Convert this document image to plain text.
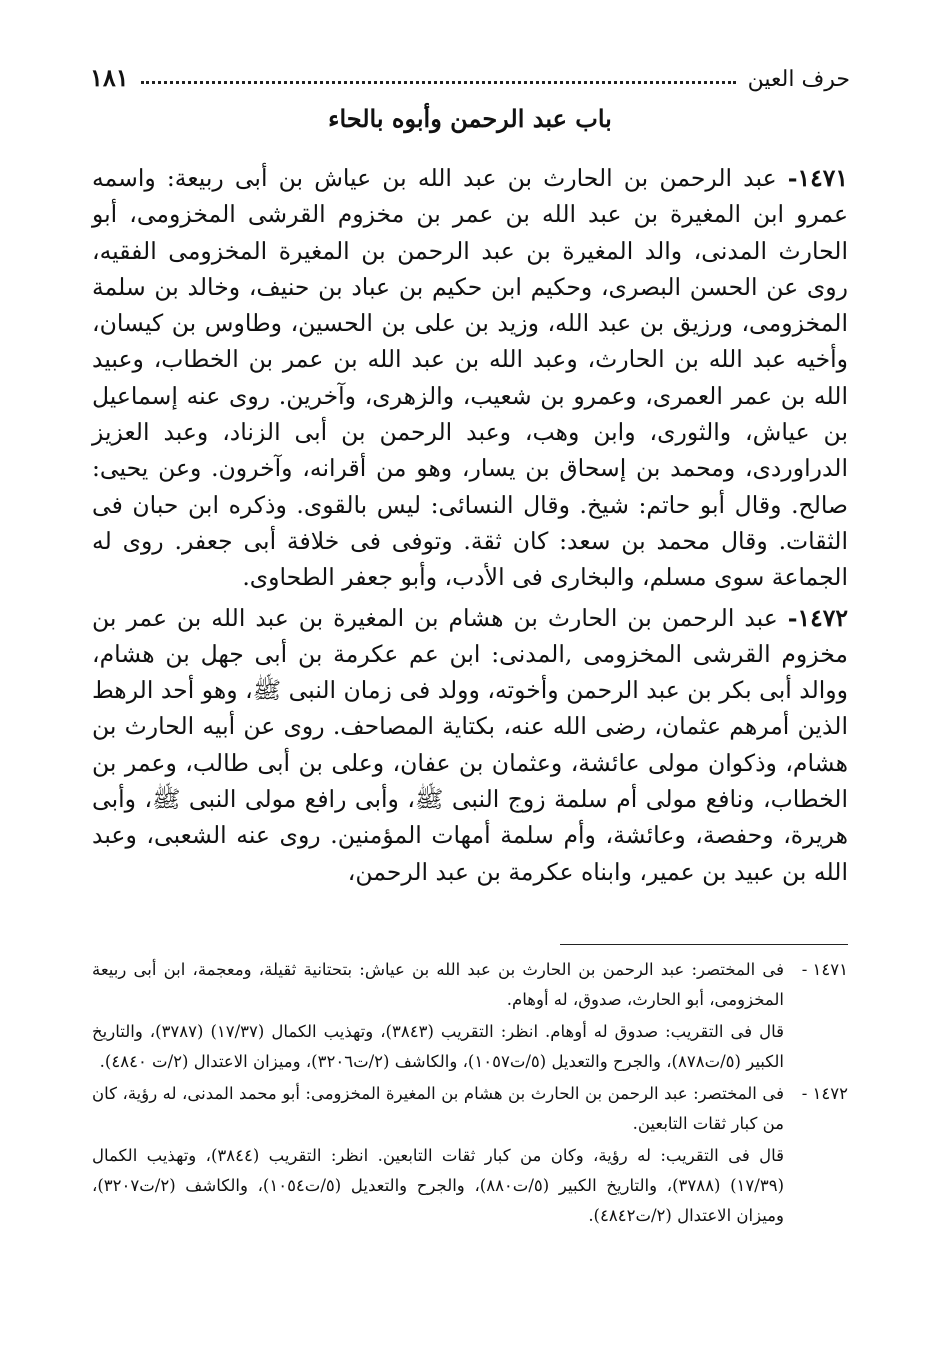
١٨١	حرف العين
باب عبد الرحمن وأبوه بالحاء

١٤٧١- عبد الرحمن بن الحارث بن عبد الله بن عياش بن أبى ربيعة: واسمه عمرو ابن المغيرة بن عبد الله بن عمر بن مخزوم القرشى المخزومى، أبو الحارث المدنى، والد المغيرة بن عبد الرحمن بن المغيرة المخزومى الفقيه، روى عن الحسن البصرى، وحكيم ابن حكيم بن عباد بن حنيف، وخالد بن سلمة المخزومى، ورزيق بن عبد الله، وزيد بن على بن الحسين، وطاوس بن كيسان، وأخيه عبد الله بن الحارث، وعبد الله بن عبد الله بن عمر بن الخطاب، وعبيد الله بن عمر العمرى، وعمرو بن شعيب، والزهرى، وآخرين. روى عنه إسماعيل بن عياش، والثورى، وابن وهب، وعبد الرحمن بن أبى الزناد، وعبد العزيز الدراوردى، ومحمد بن إسحاق بن يسار، وهو من أقرانه، وآخرون. وعن يحيى: صالح. وقال أبو حاتم: شيخ. وقال النسائى: ليس بالقوى. وذكره ابن حبان فى الثقات. وقال محمد بن سعد: كان ثقة. وتوفى فى خلافة أبى جعفر. روى له الجماعة سوى مسلم، والبخارى فى الأدب، وأبو جعفر الطحاوى.

١٤٧٢- عبد الرحمن بن الحارث بن هشام بن المغيرة بن عبد الله بن عمر بن مخزوم القرشى المخزومى ,المدنى: ابن عم عكرمة بن أبى جهل بن هشام، ووالد أبى بكر بن عبد الرحمن وأخوته، وولد فى زمان النبى ﷺ، وهو أحد الرهط الذين أمرهم عثمان، رضى الله عنه، بكتاية المصاحف. روى عن أبيه الحارث بن هشام، وذكوان مولى عائشة، وعثمان بن عفان، وعلى بن أبى طالب، وعمر بن الخطاب، ونافع مولى أم سلمة زوج النبى ﷺ، وأبى رافع مولى النبى ﷺ، وأبى هريرة، وحفصة، وعائشة، وأم سلمة أمهات المؤمنين. روى عنه الشعبى، وعبد الله بن عبيد بن عمير، وابناه عكرمة بن عبد الرحمن،

١٤٧١ -

فى المختصر: عبد الرحمن بن الحارث بن عبد الله بن عياش: بتحتانية ثقيلة، ومعجمة، ابن أبى ربيعة المخزومى، أبو الحارث، صدوق، له أوهام.

قال فى التقريب: صدوق له أوهام. انظر: التقريب (٣٨٤٣)، وتهذيب الكمال (١٧/٣٧) (٣٧٨٧)، والتاريخ الكبير (٥/ت٨٧٨)، والجرح والتعديل (٥/ت١٠٥٧)، والكاشف (٢/ت٣٢٠٦)، وميزان الاعتدال (٢/ت ٤٨٤٠).

١٤٧٢ -

فى المختصر: عبد الرحمن بن الحارث بن هشام بن المغيرة المخزومى: أبو محمد المدنى، له رؤية، كان من كبار ثقات التابعين.

قال فى التقريب: له رؤية، وكان من كبار ثقات التابعين. انظر: التقريب (٣٨٤٤)، وتهذيب الكمال (١٧/٣٩) (٣٧٨٨)، والتاريخ الكبير (٥/ت٨٨٠)، والجرح والتعديل (٥/ت١٠٥٤)، والكاشف (٢/ت٣٢٠٧)، وميزان الاعتدال (٢/ت٤٨٤٢).
